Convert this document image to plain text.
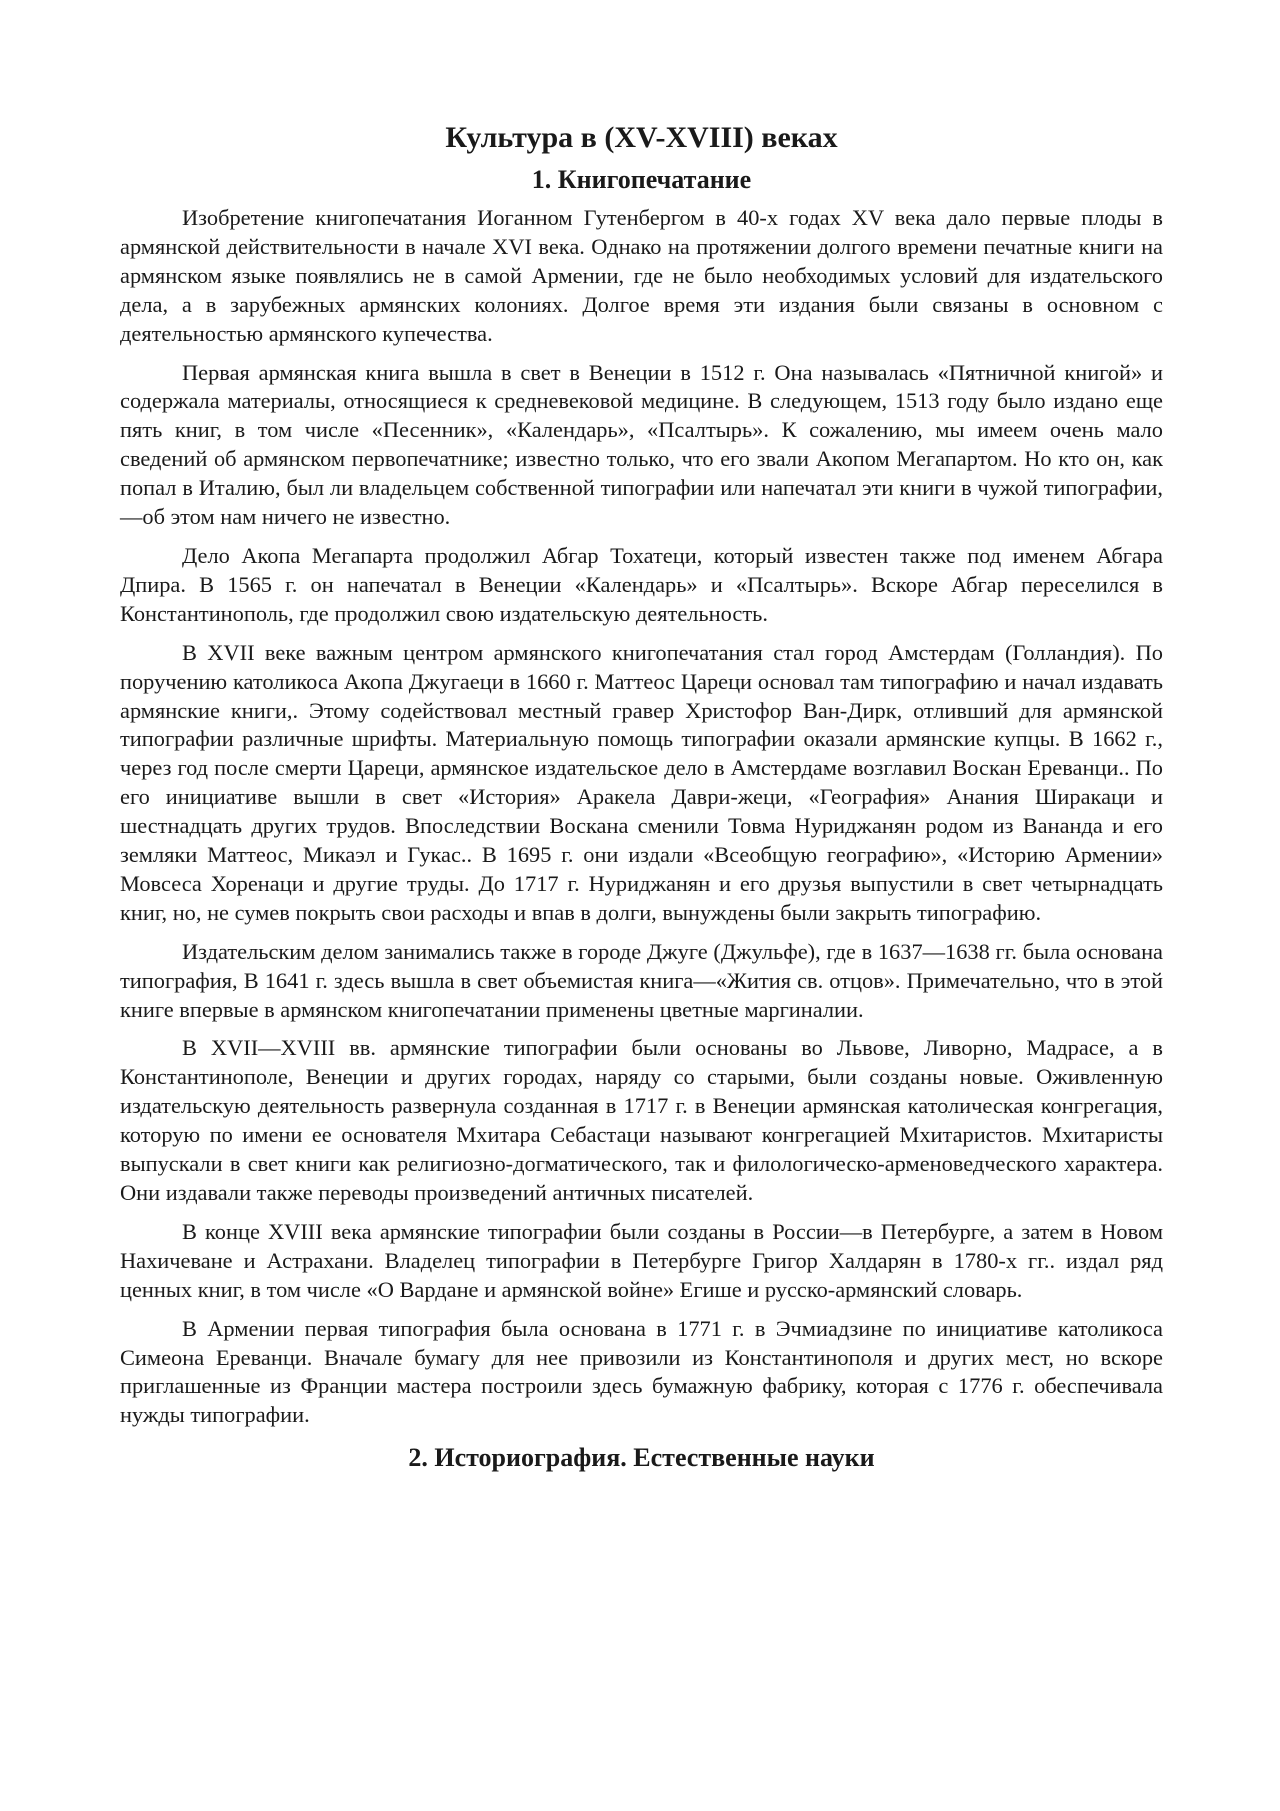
Культура в (XV-XVIII) веках
1. Книгопечатание

Изобретение книгопечатания Иоганном Гутенбергом в 40-х годах XV века дало первые плоды в армянской действительности в начале XVI века. Однако на протяжении долгого времени печатные книги на армянском языке появлялись не в самой Армении, где не было необходимых условий для издательского дела, а в зарубежных армянских колониях. Долгое время эти издания были связаны в основном с деятельностью армянского купечества.

Первая армянская книга вышла в свет в Венеции в 1512 г. Она называлась «Пятничной книгой» и содержала материалы, относящиеся к средневековой медицине. В следующем, 1513 году было издано еще пять книг, в том числе «Песенник», «Календарь», «Псалтырь». К сожалению, мы имеем очень мало сведений об армянском первопечатнике; известно только, что его звали Акопом Мегапартом. Но кто он, как попал в Италию, был ли владельцем собственной типографии или напечатал эти книги в чужой типографии,—об этом нам ничего не известно.

Дело Акопа Мегапарта продолжил Абгар Тохатеци, который известен также под именем Абгара Дпира. В 1565 г. он напечатал в Венеции «Календарь» и «Псалтырь». Вскоре Абгар переселился в Константинополь, где продолжил свою издательскую деятельность.

В XVII веке важным центром армянского книгопечатания стал город Амстердам (Голландия). По поручению католикоса Акопа Джугаеци в 1660 г. Маттеос Цареци основал там типографию и начал издавать армянские книги,. Этому содействовал местный гравер Христофор Ван-Дирк, отливший для армянской типографии различные шрифты. Материальную помощь типографии оказали армянские купцы. В 1662 г., через год после смерти Цареци, армянское издательское дело в Амстердаме возглавил Воскан Ереванци.. По его инициативе вышли в свет «История» Аракела Даври-жеци, «География» Анания Ширакаци и шестнадцать других трудов. Впоследствии Воскана сменили Товма Нуриджанян родом из Вананда и его земляки Маттеос, Микаэл и Гукас.. В 1695 г. они издали «Всеобщую географию», «Историю Армении» Мовсеса Хоренаци и другие труды. До 1717 г. Нуриджанян и его друзья выпустили в свет четырнадцать книг, но, не сумев покрыть свои расходы и впав в долги, вынуждены были закрыть типографию.

Издательским делом занимались также в городе Джуге (Джульфе), где в 1637—1638 гг. была основана типография, В 1641 г. здесь вышла в свет объемистая книга—«Жития св. отцов». Примечательно, что в этой книге впервые в армянском книгопечатании применены цветные маргиналии.

В XVII—XVIII вв. армянские типографии были основаны во Львове, Ливорно, Мадрасе, а в Константинополе, Венеции и других городах, наряду со старыми, были созданы новые. Оживленную издательскую деятельность развернула созданная в 1717 г. в Венеции армянская католическая конгрегация, которую по имени ее основателя Мхитара Себастаци называют конгрегацией Мхитаристов. Мхитаристы выпускали в свет книги как религиозно-догматического, так и филологическо-арменоведческого характера. Они издавали также переводы произведений античных писателей.

В конце XVIII века армянские типографии были созданы в России—в Петербурге, а затем в Новом Нахичеване и Астрахани. Владелец типографии в Петербурге Григор Халдарян в 1780-х гг.. издал ряд ценных книг, в том числе «О Вардане и армянской войне» Егише и русско-армянский словарь.

В Армении первая типография была основана в 1771 г. в Эчмиадзине по инициативе католикоса Симеона Ереванци. Вначале бумагу для нее привозили из Константинополя и других мест, но вскоре приглашенные из Франции мастера построили здесь бумажную фабрику, которая с 1776 г. обеспечивала нужды типографии.

2. Историография. Естественные науки
